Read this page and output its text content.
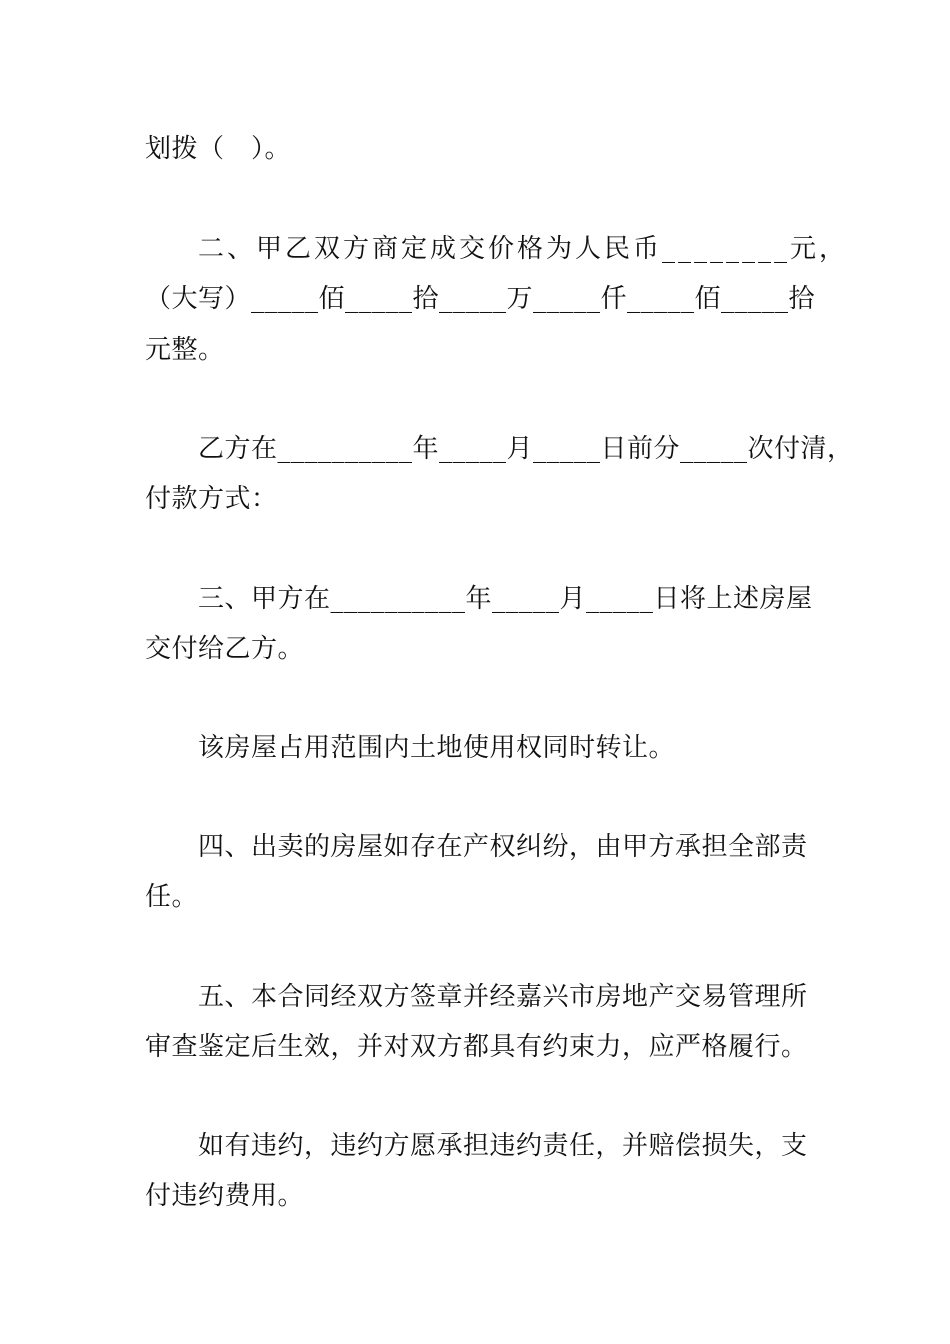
划拨（　）。
二、甲乙双方商定成交价格为人民币________元，
（大写）_____佰_____拾_____万_____仟_____佰_____拾
元整。
乙方在__________年_____月_____日前分_____次付清，
付款方式：
三、甲方在__________年_____月_____日将上述房屋
交付给乙方。
该房屋占用范围内土地使用权同时转让。
四、出卖的房屋如存在产权纠纷，由甲方承担全部责
任。
五、本合同经双方签章并经嘉兴市房地产交易管理所
审查鉴定后生效，并对双方都具有约束力，应严格履行。
如有违约，违约方愿承担违约责任，并赔偿损失，支
付违约费用。
